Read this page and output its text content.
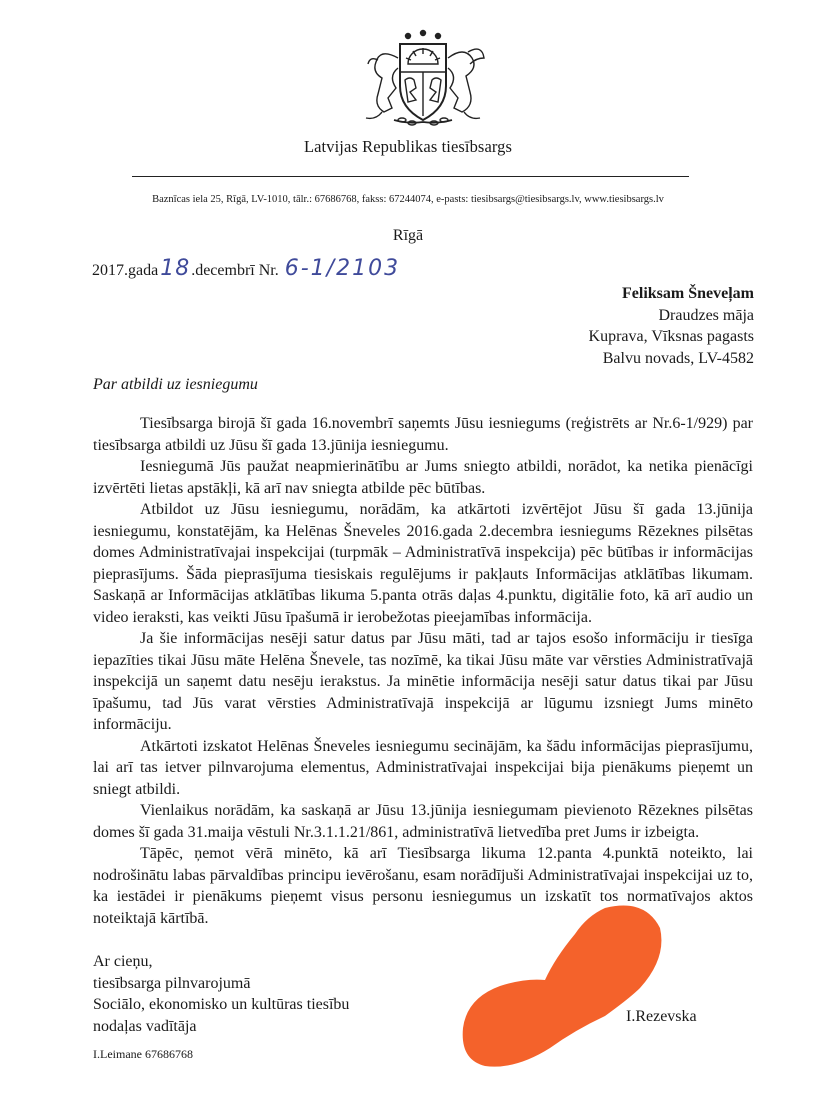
Latvijas Republikas tiesībsargs
Baznīcas iela 25, Rīgā, LV-1010, tālr.: 67686768, fakss: 67244074, e-pasts: tiesibsargs@tiesibsargs.lv, www.tiesibsargs.lv
Rīgā
2017.gada18.decembrī Nr. 6-1/2103
Feliksam Šneveļam
Draudzes māja
Kuprava, Vīksnas pagasts
Balvu novads, LV-4582
Par atbildi uz iesniegumu

Tiesībsarga birojā šī gada 16.novembrī saņemts Jūsu iesniegums (reģistrēts ar Nr.6-1/929) par tiesībsarga atbildi uz Jūsu šī gada 13.jūnija iesniegumu.

Iesniegumā Jūs paužat neapmierinātību ar Jums sniegto atbildi, norādot, ka netika pienācīgi izvērtēti lietas apstākļi, kā arī nav sniegta atbilde pēc būtības.

Atbildot uz Jūsu iesniegumu, norādām, ka atkārtoti izvērtējot Jūsu šī gada 13.jūnija iesniegumu, konstatējām, ka Helēnas Šneveles 2016.gada 2.decembra iesniegums Rēzeknes pilsētas domes Administratīvajai inspekcijai (turpmāk – Administratīvā inspekcija) pēc būtības ir informācijas pieprasījums. Šāda pieprasījuma tiesiskais regulējums ir pakļauts Informācijas atklātības likumam. Saskaņā ar Informācijas atklātības likuma 5.panta otrās daļas 4.punktu, digitālie foto, kā arī audio un video ieraksti, kas veikti Jūsu īpašumā ir ierobežotas pieejamības informācija.

Ja šie informācijas nesēji satur datus par Jūsu māti, tad ar tajos esošo informāciju ir tiesīga iepazīties tikai Jūsu māte Helēna Šnevele, tas nozīmē, ka tikai Jūsu māte var vērsties Administratīvajā inspekcijā un saņemt datu nesēju ierakstus. Ja minētie informācija nesēji satur datus tikai par Jūsu īpašumu, tad Jūs varat vērsties Administratīvajā inspekcijā ar lūgumu izsniegt Jums minēto informāciju.

Atkārtoti izskatot Helēnas Šneveles iesniegumu secinājām, ka šādu informācijas pieprasījumu, lai arī tas ietver pilnvarojuma elementus, Administratīvajai inspekcijai bija pienākums pieņemt un sniegt atbildi.

Vienlaikus norādām, ka saskaņā ar Jūsu 13.jūnija iesniegumam pievienoto Rēzeknes pilsētas domes šī gada 31.maija vēstuli Nr.3.1.1.21/861, administratīvā lietvedība pret Jums ir izbeigta.

Tāpēc, ņemot vērā minēto, kā arī Tiesībsarga likuma 12.panta 4.punktā noteikto, lai nodrošinātu labas pārvaldības principu ievērošanu, esam norādījuši Administratīvajai inspekcijai uz to, ka iestādei ir pienākums pieņemt visus personu iesniegumus un izskatīt tos normatīvajos aktos noteiktajā kārtībā.

Ar cieņu,
tiesībsarga pilnvarojumā
Sociālo, ekonomisko un kultūras tiesību
nodaļas vadītāja
I.Rezevska
I.Leimane 67686768
